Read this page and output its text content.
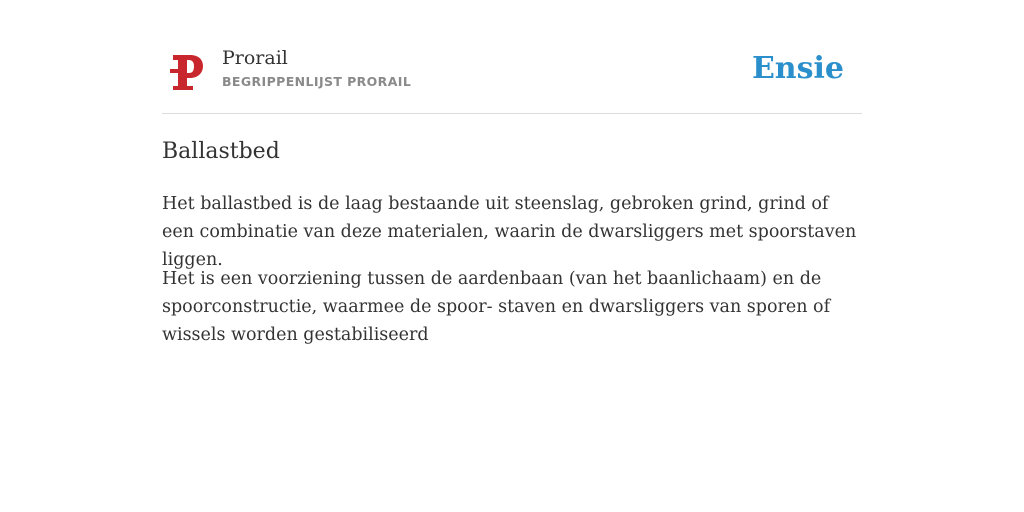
Prorail
BEGRIPPENLIJST PRORAIL	Ensie
Ballastbed

Het ballastbed is de laag bestaande uit steenslag, gebroken grind, grind of een combinatie van deze materialen, waarin de dwarsliggers met spoorstaven liggen.

Het is een voorziening tussen de aardenbaan (van het baanlichaam) en de spoorconstructie, waarmee de spoor- staven en dwarsliggers van sporen of wissels worden gestabiliseerd
